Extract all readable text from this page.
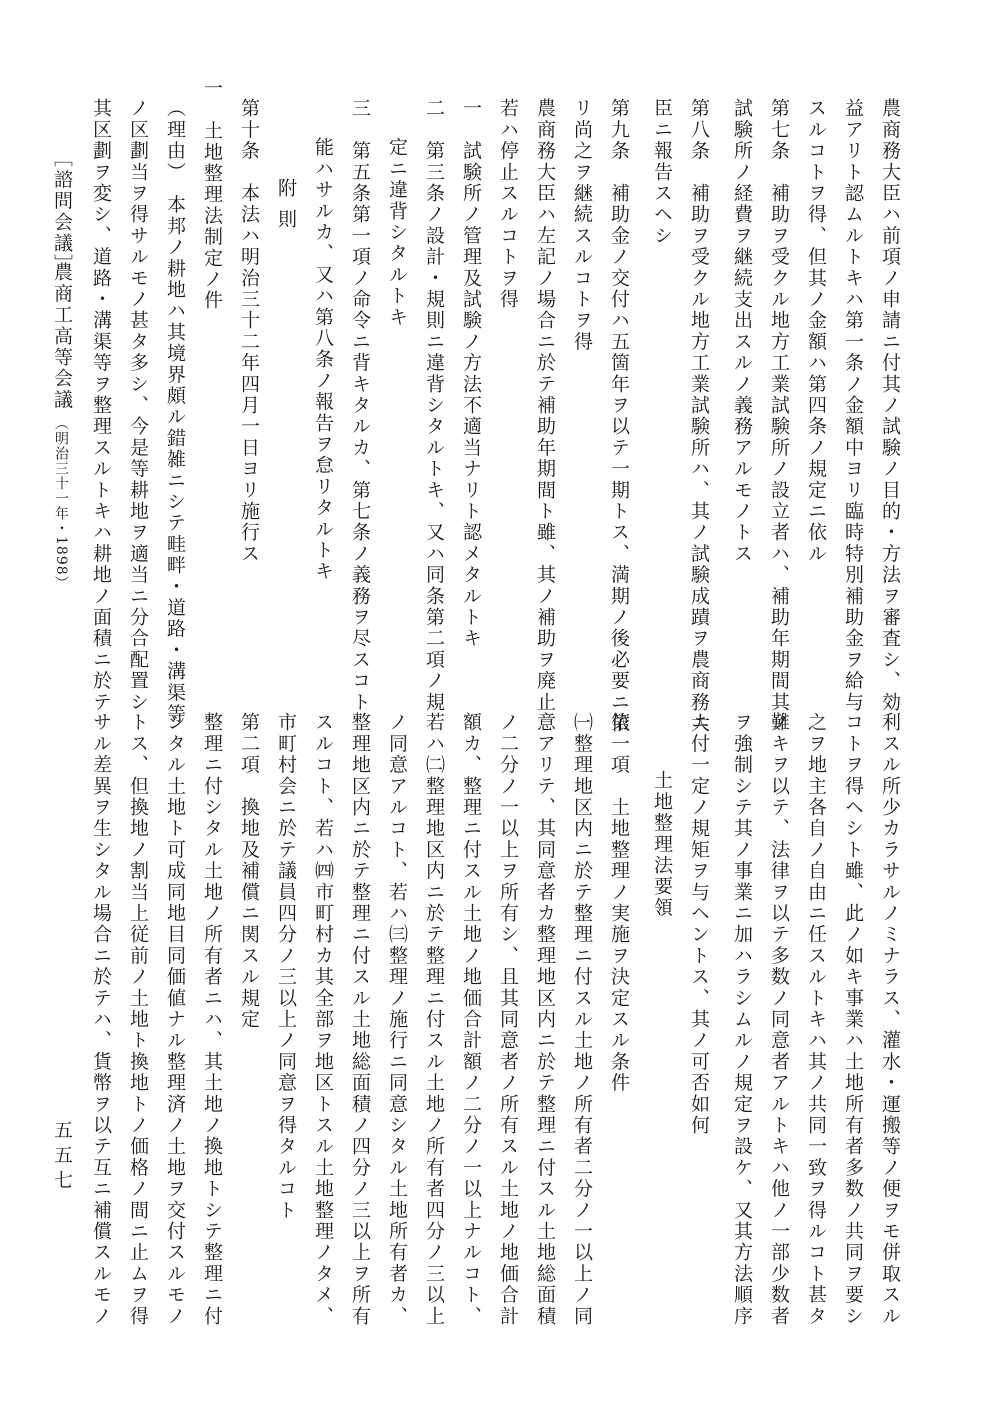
［諮問会議］
農商工高等会議
（明治三十一年・1898）	農商務大臣ハ前項ノ申請ニ付其ノ試験ノ目的・方法ヲ審査シ、効
益アリト認ムルトキハ第一条ノ金額中ヨリ臨時特別補助金ヲ給与
スルコトヲ得、但其ノ金額ハ第四条ノ規定ニ依ル
第七条　補助ヲ受クル地方工業試験所ノ設立者ハ、補助年期間其ノ
試験所ノ経費ヲ継続支出スルノ義務アルモノトス
第八条　補助ヲ受クル地方工業試験所ハ、其ノ試験成蹟ヲ農商務大
臣ニ報告スヘシ
第九条　補助金ノ交付ハ五箇年ヲ以テ一期トス、満期ノ後必要ニ依
リ尚之ヲ継続スルコトヲ得
農商務大臣ハ左記ノ場合ニ於テ補助年期間ト雖、其ノ補助ヲ廃止
若ハ停止スルコトヲ得
一　試験所ノ管理及試験ノ方法不適当ナリト認メタルトキ
二　第三条ノ設計・規則ニ違背シタルトキ、又ハ同条第二項ノ規
定ニ違背シタルトキ
三　第五条第一項ノ命令ニ背キタルカ、第七条ノ義務ヲ尽スコト
能ハサルカ、又ハ第八条ノ報告ヲ怠リタルトキ
附則
第十条　本法ハ明治三十二年四月一日ヨリ施行ス
一　土地整理法制定ノ件
（理由）　本邦ノ耕地ハ其境界頗ル錯雑ニシテ畦畔・道路・溝渠等
ノ区劃当ヲ得サルモノ甚タ多シ、今是等耕地ヲ適当ニ分合配置シ
其区劃ヲ変シ、道路・溝渠等ヲ整理スルトキハ耕地ノ面積ニ於テ
利スル所少カラサルノミナラス、灌水・運搬等ノ便ヲモ併取スル
コトヲ得ヘシト雖、此ノ如キ事業ハ土地所有者多数ノ共同ヲ要シ
之ヲ地主各自ノ自由ニ任スルトキハ其ノ共同一致ヲ得ルコト甚タ
難キヲ以テ、法律ヲ以テ多数ノ同意者アルトキハ他ノ一部少数者
ヲ強制シテ其ノ事業ニ加ハラシムルノ規定ヲ設ケ、又其方法順序
ニ付一定ノ規矩ヲ与ヘントス、其ノ可否如何
土地整理法要領
第一項　土地整理ノ実施ヲ決定スル条件
㈠整理地区内ニ於テ整理ニ付スル土地ノ所有者二分ノ一以上ノ同
意アリテ、其同意者カ整理地区内ニ於テ整理ニ付スル土地総面積
ノ二分ノ一以上ヲ所有シ、且其同意者ノ所有スル土地ノ地価合計
額カ、整理ニ付スル土地ノ地価合計額ノ二分ノ一以上ナルコト、
若ハ㈡整理地区内ニ於テ整理ニ付スル土地ノ所有者四分ノ三以上
ノ同意アルコト、若ハ㈢整理ノ施行ニ同意シタル土地所有者カ、
整理地区内ニ於テ整理ニ付スル土地総面積ノ四分ノ三以上ヲ所有
スルコト、若ハ㈣市町村カ其全部ヲ地区トスル土地整理ノタメ、
市町村会ニ於テ議員四分ノ三以上ノ同意ヲ得タルコト
第二項　換地及補償ニ関スル規定
整理ニ付シタル土地ノ所有者ニハ、其土地ノ換地トシテ整理ニ付
シタル土地ト可成同地目同価値ナル整理済ノ土地ヲ交付スルモノ
トス、但換地ノ割当上従前ノ土地ト換地トノ価格ノ間ニ止ムヲ得
サル差異ヲ生シタル場合ニ於テハ、貨幣ヲ以テ互ニ補償スルモノ
五五七
